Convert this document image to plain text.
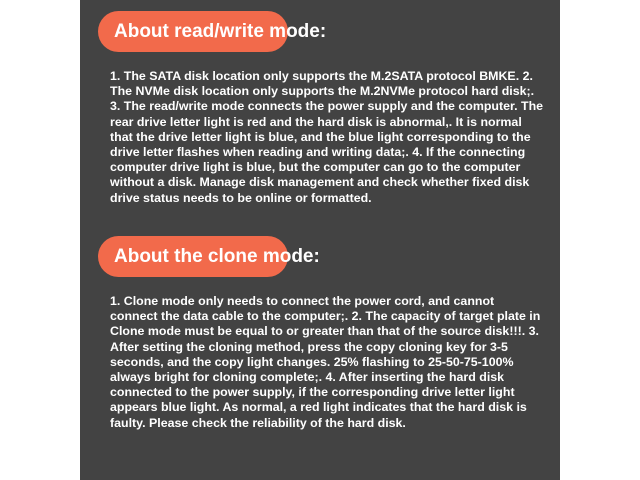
About read/write mode:
1. The SATA disk location only supports the M.2SATA protocol BMKE. 2. The NVMe disk location only supports the M.2NVMe protocol hard disk;. 3. The read/write mode connects the power supply and the computer. The rear drive letter light is red and the hard disk is abnormal,. It is normal that the drive letter light is blue, and the blue light corresponding to the drive letter flashes when reading and writing data;. 4. If the connecting computer drive light is blue, but the computer can go to the computer without a disk. Manage disk management and check whether fixed disk drive status needs to be online or formatted.
About the clone mode:
1. Clone mode only needs to connect the power cord, and cannot connect the data cable to the computer;. 2. The capacity of target plate in Clone mode must be equal to or greater than that of the source disk!!!. 3. After setting the cloning method, press the copy cloning key for 3-5 seconds, and the copy light changes. 25% flashing to 25-50-75-100% always bright for cloning complete;. 4. After inserting the hard disk connected to the power supply, if the corresponding drive letter light appears blue light. As normal, a red light indicates that the hard disk is faulty. Please check the reliability of the hard disk.
